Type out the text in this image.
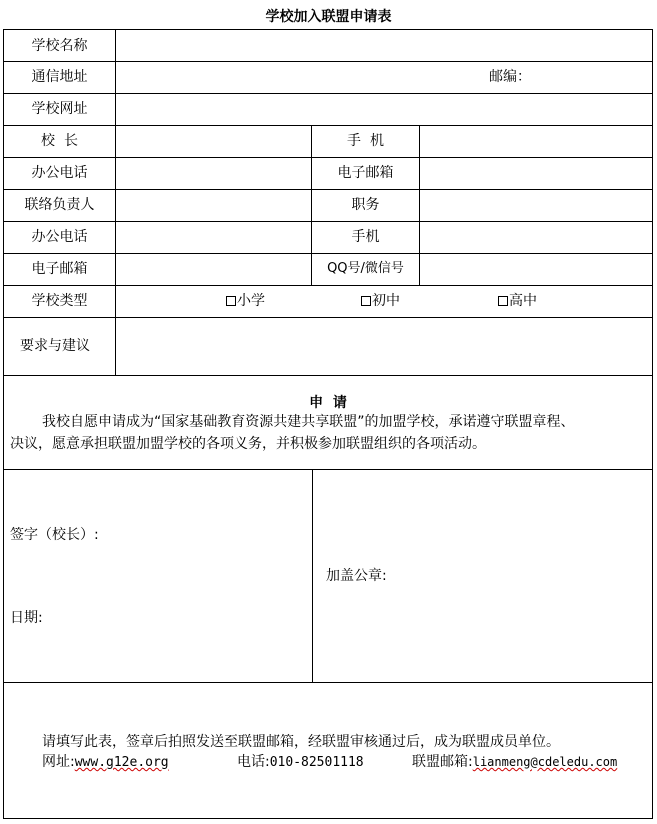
学校加入联盟申请表
学校名称
通信地址	邮编：
学校网址
校  长	手  机
办公电话	电子邮箱
联络负责人	职务
办公电话	手机
电子邮箱	QQ号/微信号
学校类型	小学	初中	高中
要求与建议
申  请
我校自愿申请成为“国家基础教育资源共建共享联盟”的加盟学校，承诺遵守联盟章程、
决议，愿意承担联盟加盟学校的各项义务，并积极参加联盟组织的各项活动。
签字（校长）:
日期:
加盖公章:
请填写此表，签章后拍照发送至联盟邮箱，经联盟审核通过后，成为联盟成员单位。
网址:www.g12e.org	电话:010-82501118	联盟邮箱:lianmeng@cdeledu.com
